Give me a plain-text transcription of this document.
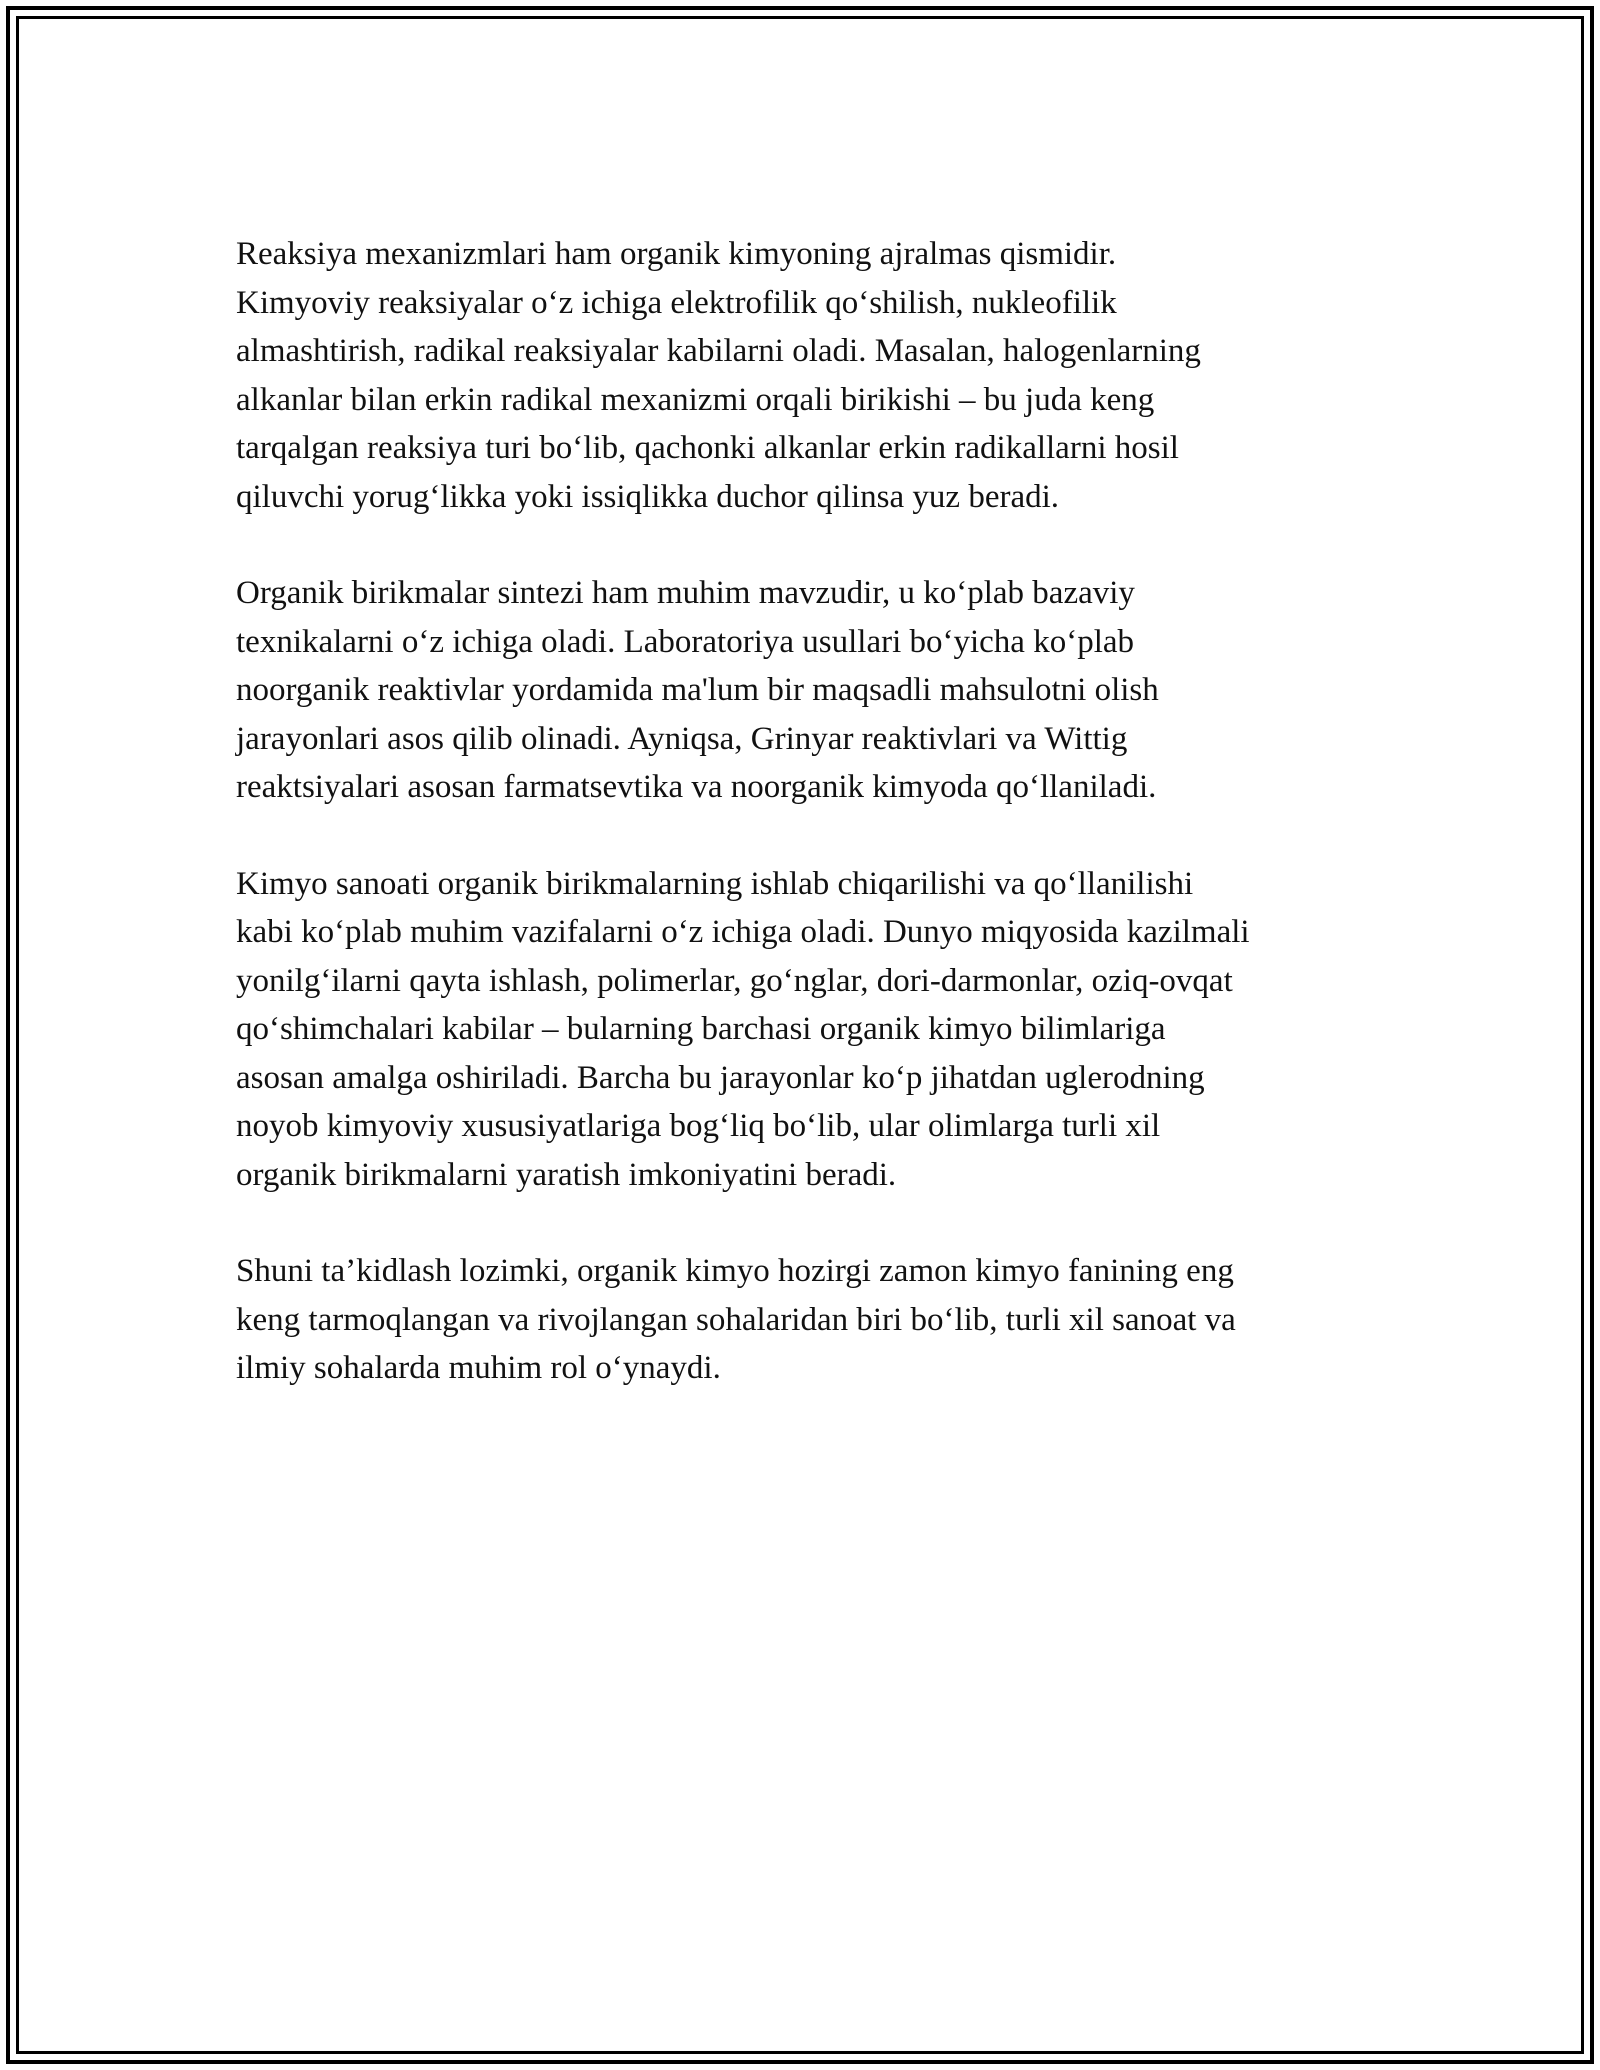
Reaksiya mexanizmlari ham organik kimyoning ajralmas qismidir.
Kimyoviy reaksiyalar o‘z ichiga elektrofilik qo‘shilish, nukleofilik
almashtirish, radikal reaksiyalar kabilarni oladi. Masalan, halogenlarning
alkanlar bilan erkin radikal mexanizmi orqali birikishi – bu juda keng
tarqalgan reaksiya turi bo‘lib, qachonki alkanlar erkin radikallarni hosil
qiluvchi yorug‘likka yoki issiqlikka duchor qilinsa yuz beradi.

Organik birikmalar sintezi ham muhim mavzudir, u ko‘plab bazaviy
texnikalarni o‘z ichiga oladi. Laboratoriya usullari bo‘yicha ko‘plab
noorganik reaktivlar yordamida ma'lum bir maqsadli mahsulotni olish
jarayonlari asos qilib olinadi. Ayniqsa, Grinyar reaktivlari va Wittig
reaktsiyalari asosan farmatsevtika va noorganik kimyoda qo‘llaniladi.

Kimyo sanoati organik birikmalarning ishlab chiqarilishi va qo‘llanilishi
kabi ko‘plab muhim vazifalarni o‘z ichiga oladi. Dunyo miqyosida kazilmali
yonilg‘ilarni qayta ishlash, polimerlar, go‘nglar, dori-darmonlar, oziq-ovqat
qo‘shimchalari kabilar – bularning barchasi organik kimyo bilimlariga
asosan amalga oshiriladi. Barcha bu jarayonlar ko‘p jihatdan uglerodning
noyob kimyoviy xususiyatlariga bog‘liq bo‘lib, ular olimlarga turli xil
organik birikmalarni yaratish imkoniyatini beradi.

Shuni ta’kidlash lozimki, organik kimyo hozirgi zamon kimyo fanining eng
keng tarmoqlangan va rivojlangan sohalaridan biri bo‘lib, turli xil sanoat va
ilmiy sohalarda muhim rol o‘ynaydi.
